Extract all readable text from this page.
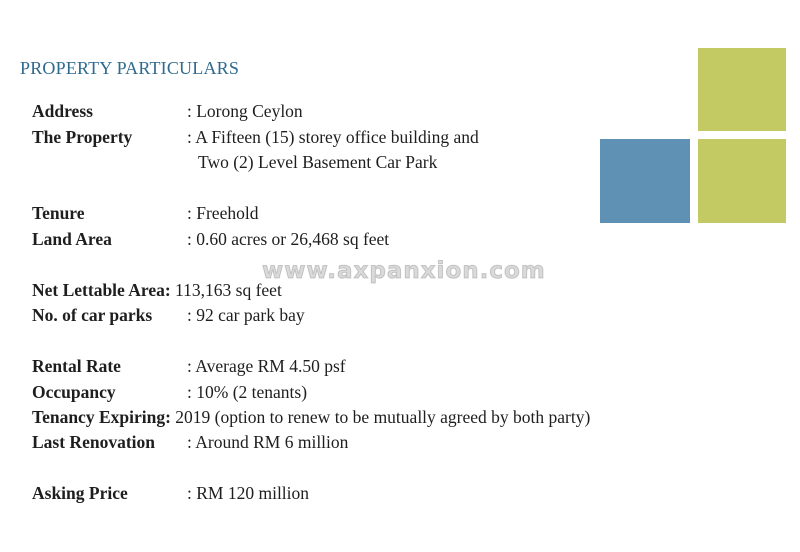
PROPERTY PARTICULARS
Address	: Lorong Ceylon
The Property	: A Fifteen (15) storey office building and
Two (2) Level Basement Car Park
Tenure	: Freehold
Land Area	: 0.60 acres or 26,468 sq feet
Net Lettable Area: 113,163 sq feet
No. of car parks : 92 car park bay
Rental Rate	: Average RM 4.50 psf
Occupancy	: 10% (2 tenants)
Tenancy Expiring: 2019 (option to renew to be mutually agreed by both party)
Last Renovation : Around RM 6 million
Asking Price	: RM 120 million
www.axpanxion.com
